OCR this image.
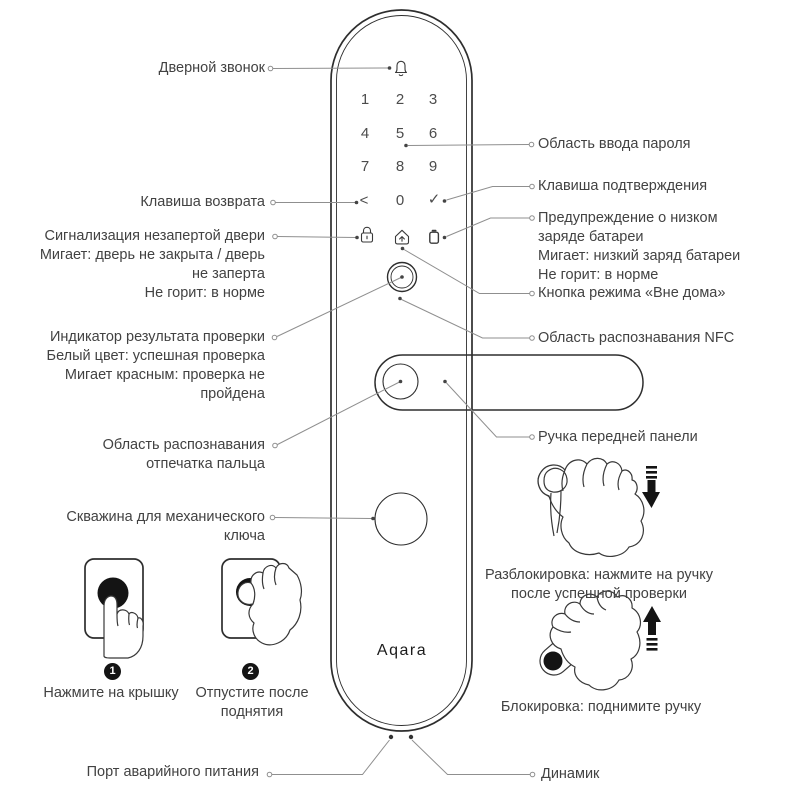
1	2	3
4	5	6
7	8	9
<	0	✓
Aqara
Дверной звонок
Клавиша возврата
Сигнализация незапертой двери
Мигает: дверь не закрыта / дверь
не заперта
Не горит: в норме
Индикатор результата проверки
Белый цвет: успешная проверка
Мигает красным: проверка не
пройдена
Область распознавания
отпечатка пальца
Скважина для механического
ключа
Порт аварийного питания
Область ввода пароля
Клавиша подтверждения
Предупреждение о низком
заряде батареи
Мигает: низкий заряд батареи
Не горит: в норме
Кнопка режима «Вне дома»
Область распознавания NFC
Ручка передней панели
Динамик
Разблокировка: нажмите на ручку
после успешной проверки
Блокировка: поднимите ручку
1	2
Нажмите на крышку	Отпустите после
поднятия
